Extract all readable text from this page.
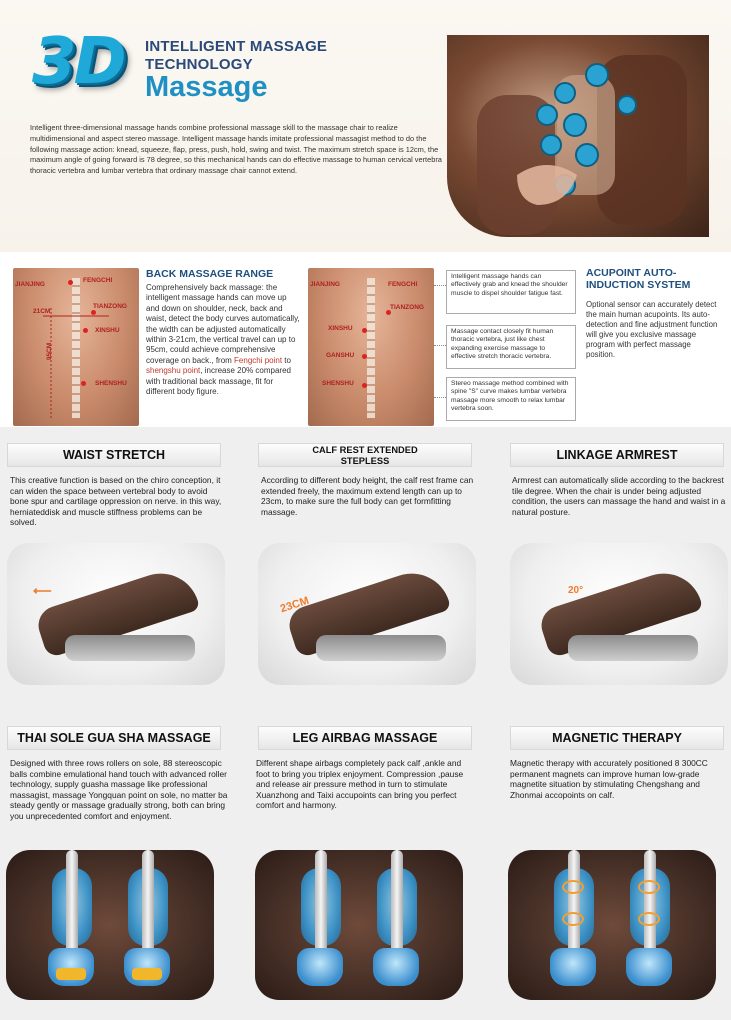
3D INTELLIGENT MASSAGE
TECHNOLOGY
Massage
Intelligent three-dimensional massage hands combine professional massage skill to the massage chair to realize multidimensional and aspect stereo massage. Intelligent massage hands imitate professional massagist method to do the following massage action: knead, squeeze, flap, press, push, hold, swing and twist. The maximum stretch space is 12cm, the maximum angle of going forward is 78 degree, so this mechanical hands can do effective massage to human cervical vertebra thoracic vertebra and lumbar vertebra that ordinary massage chair cannot extend.
FENGCHI
JIANJING
21CM
TIANZONG
XINSHU
95CM
SHENSHU
BACK MASSAGE RANGE
Comprehensively back massage: the intelligent massage hands can move up and down on shoulder, neck, back and waist, detect the body curves automatically, the width can be adjusted automatically within 3-21cm, the vertical travel can up to 95cm, could achieve comprehensive coverage on back., from Fengchi point to shengshu point, increase 20% compared with traditional back massage, fit for different body figure.
JIANJING	FENGCHI
TIANZONG
XINSHU
GANSHU
SHENSHU
Intelligent massage hands can effectively grab and knead the shoulder muscle to dispel shoulder fatigue fast.
Massage contact closely fit human thoracic vertebra, just like chest expanding exercise massage to effective stretch thoracic vertebra.
Stereo massage method combined with spine "S" curve makes lumbar vertebra massage more smooth to relax lumbar vertebra soon.
ACUPOINT AUTO-
INDUCTION SYSTEM
Optional sensor can accurately detect the main human acupoints. Its auto-detection and fine adjustment function will give you exclusive massage program with perfect massage position.
WAIST STRETCH	CALF REST EXTENDED
STEPLESS	LINKAGE ARMREST
This creative function is based on the chiro conception, it can widen the space between vertebral body to avoid bone spur and cartilage oppression on nerve. in this way, herniateddisk and muscle stiffness problems can be solved.
According to different body height, the calf rest frame can extended freely, the maximum extend length can up to 23cm, to make sure the full body can get formfitting massage.
Armrest can automatically slide according to the backrest tile degree. When the chair is under being adjusted condition, the users can massage the hand and waist in a natural posture.
⟵
23CM
20°
THAI SOLE GUA SHA MASSAGE	LEG AIRBAG MASSAGE	MAGNETIC THERAPY
Designed with three rows rollers on sole, 88 stereoscopic balls combine emulational hand touch with advanced roller technology, supply guasha massage like professional massagist, massage Yongquan point on sole, no matter ba steady gently or massage gradually strong, both can bring you unprecedented comfort and enjoyment.
Different shape airbags completely pack calf ,ankle and foot to bring you triplex enjoyment. Compression ,pause and release air pressure method in turn to stimulate Xuanzhong and Taixi accupoints can bring you perfect comfort and harmony.
Magnetic therapy with accurately positioned 8 300CC permanent magnets can improve human low-grade magnetite situation by stimulating Chengshang and Zhonmai accopoints on calf.
